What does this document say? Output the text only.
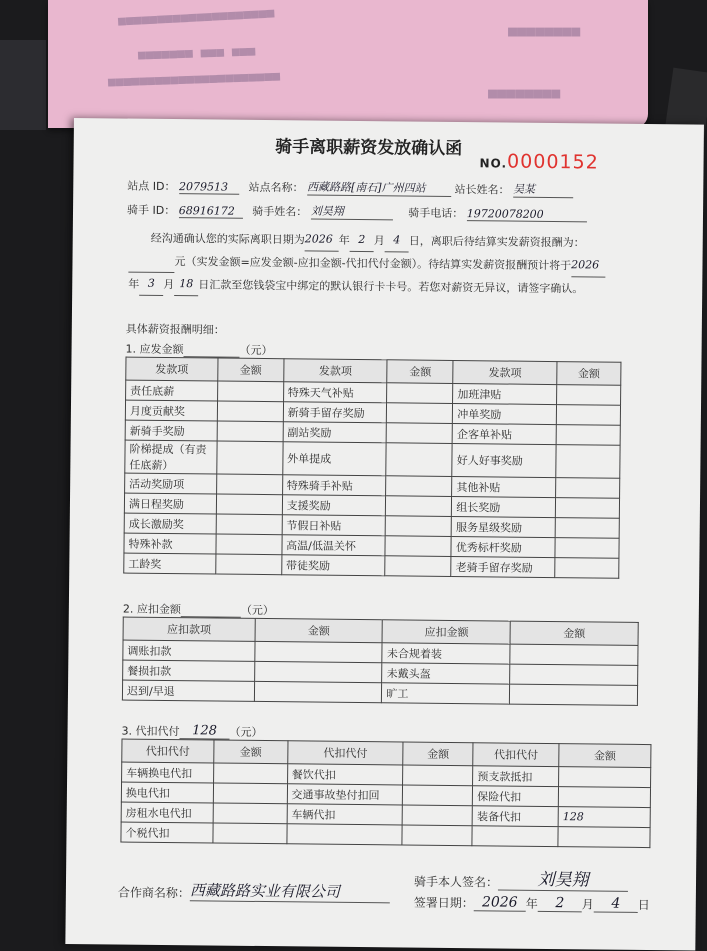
■■■■■■■■■■■■■■■■■■■■
■■■■■■■■
■■■■■■■ ■■■ ■■■
■■■■■■■■■■■■■■■■■■■■■■
■■■■■■■■
骑手离职薪资发放确认函
NO.0000152
站点 ID： 2079513 站点名称： 西藏路路[南石]广州四站	站长姓名： 吴某
骑手 ID： 68916172 骑手姓名： 刘昊翔	骑手电话： 19720078200
经沟通确认您的实际离职日期为2026 年 2 月 4 日，离职后待结算实发薪资报酬为：元（实发金额=应发金额-应扣金额-代扣代付金额）。待结算实发薪资报酬预计将于2026年 3 月 18 日汇款至您钱袋宝中绑定的默认银行卡卡号。若您对薪资无异议，请签字确认。
具体薪资报酬明细：
1. 应发金额	（元）
发款项	金额	发款项	金额	发款项	金额
责任底薪		特殊天气补贴		加班津贴	
月度贡献奖		新骑手留存奖励		冲单奖励	
新骑手奖励		副站奖励		企客单补贴	
阶梯提成（有责任底薪）		外单提成		好人好事奖励	
活动奖励项		特殊骑手补贴		其他补贴	
满日程奖励		支援奖励		组长奖励	
成长激励奖		节假日补贴		服务星级奖励	
特殊补款		高温/低温关怀		优秀标杆奖励	
工龄奖		带徒奖励		老骑手留存奖励	
2. 应扣金额	（元）
应扣款项	金额	应扣金额	金额
调账扣款		未合规着装	
餐损扣款		未戴头盔	
迟到/早退		旷工	
3. 代扣代付 128 （元）
代扣代付	金额	代扣代付	金额	代扣代付	金额
车辆换电代扣		餐饮代扣		预支款抵扣	
换电代扣		交通事故垫付扣回		保险代扣	
房租水电代扣		车辆代扣		装备代扣	128
个税代扣					
合作商名称：西藏路路实业有限公司	骑手本人签名： 刘昊翔
签署日期： 2026 年 2 月 4 日
